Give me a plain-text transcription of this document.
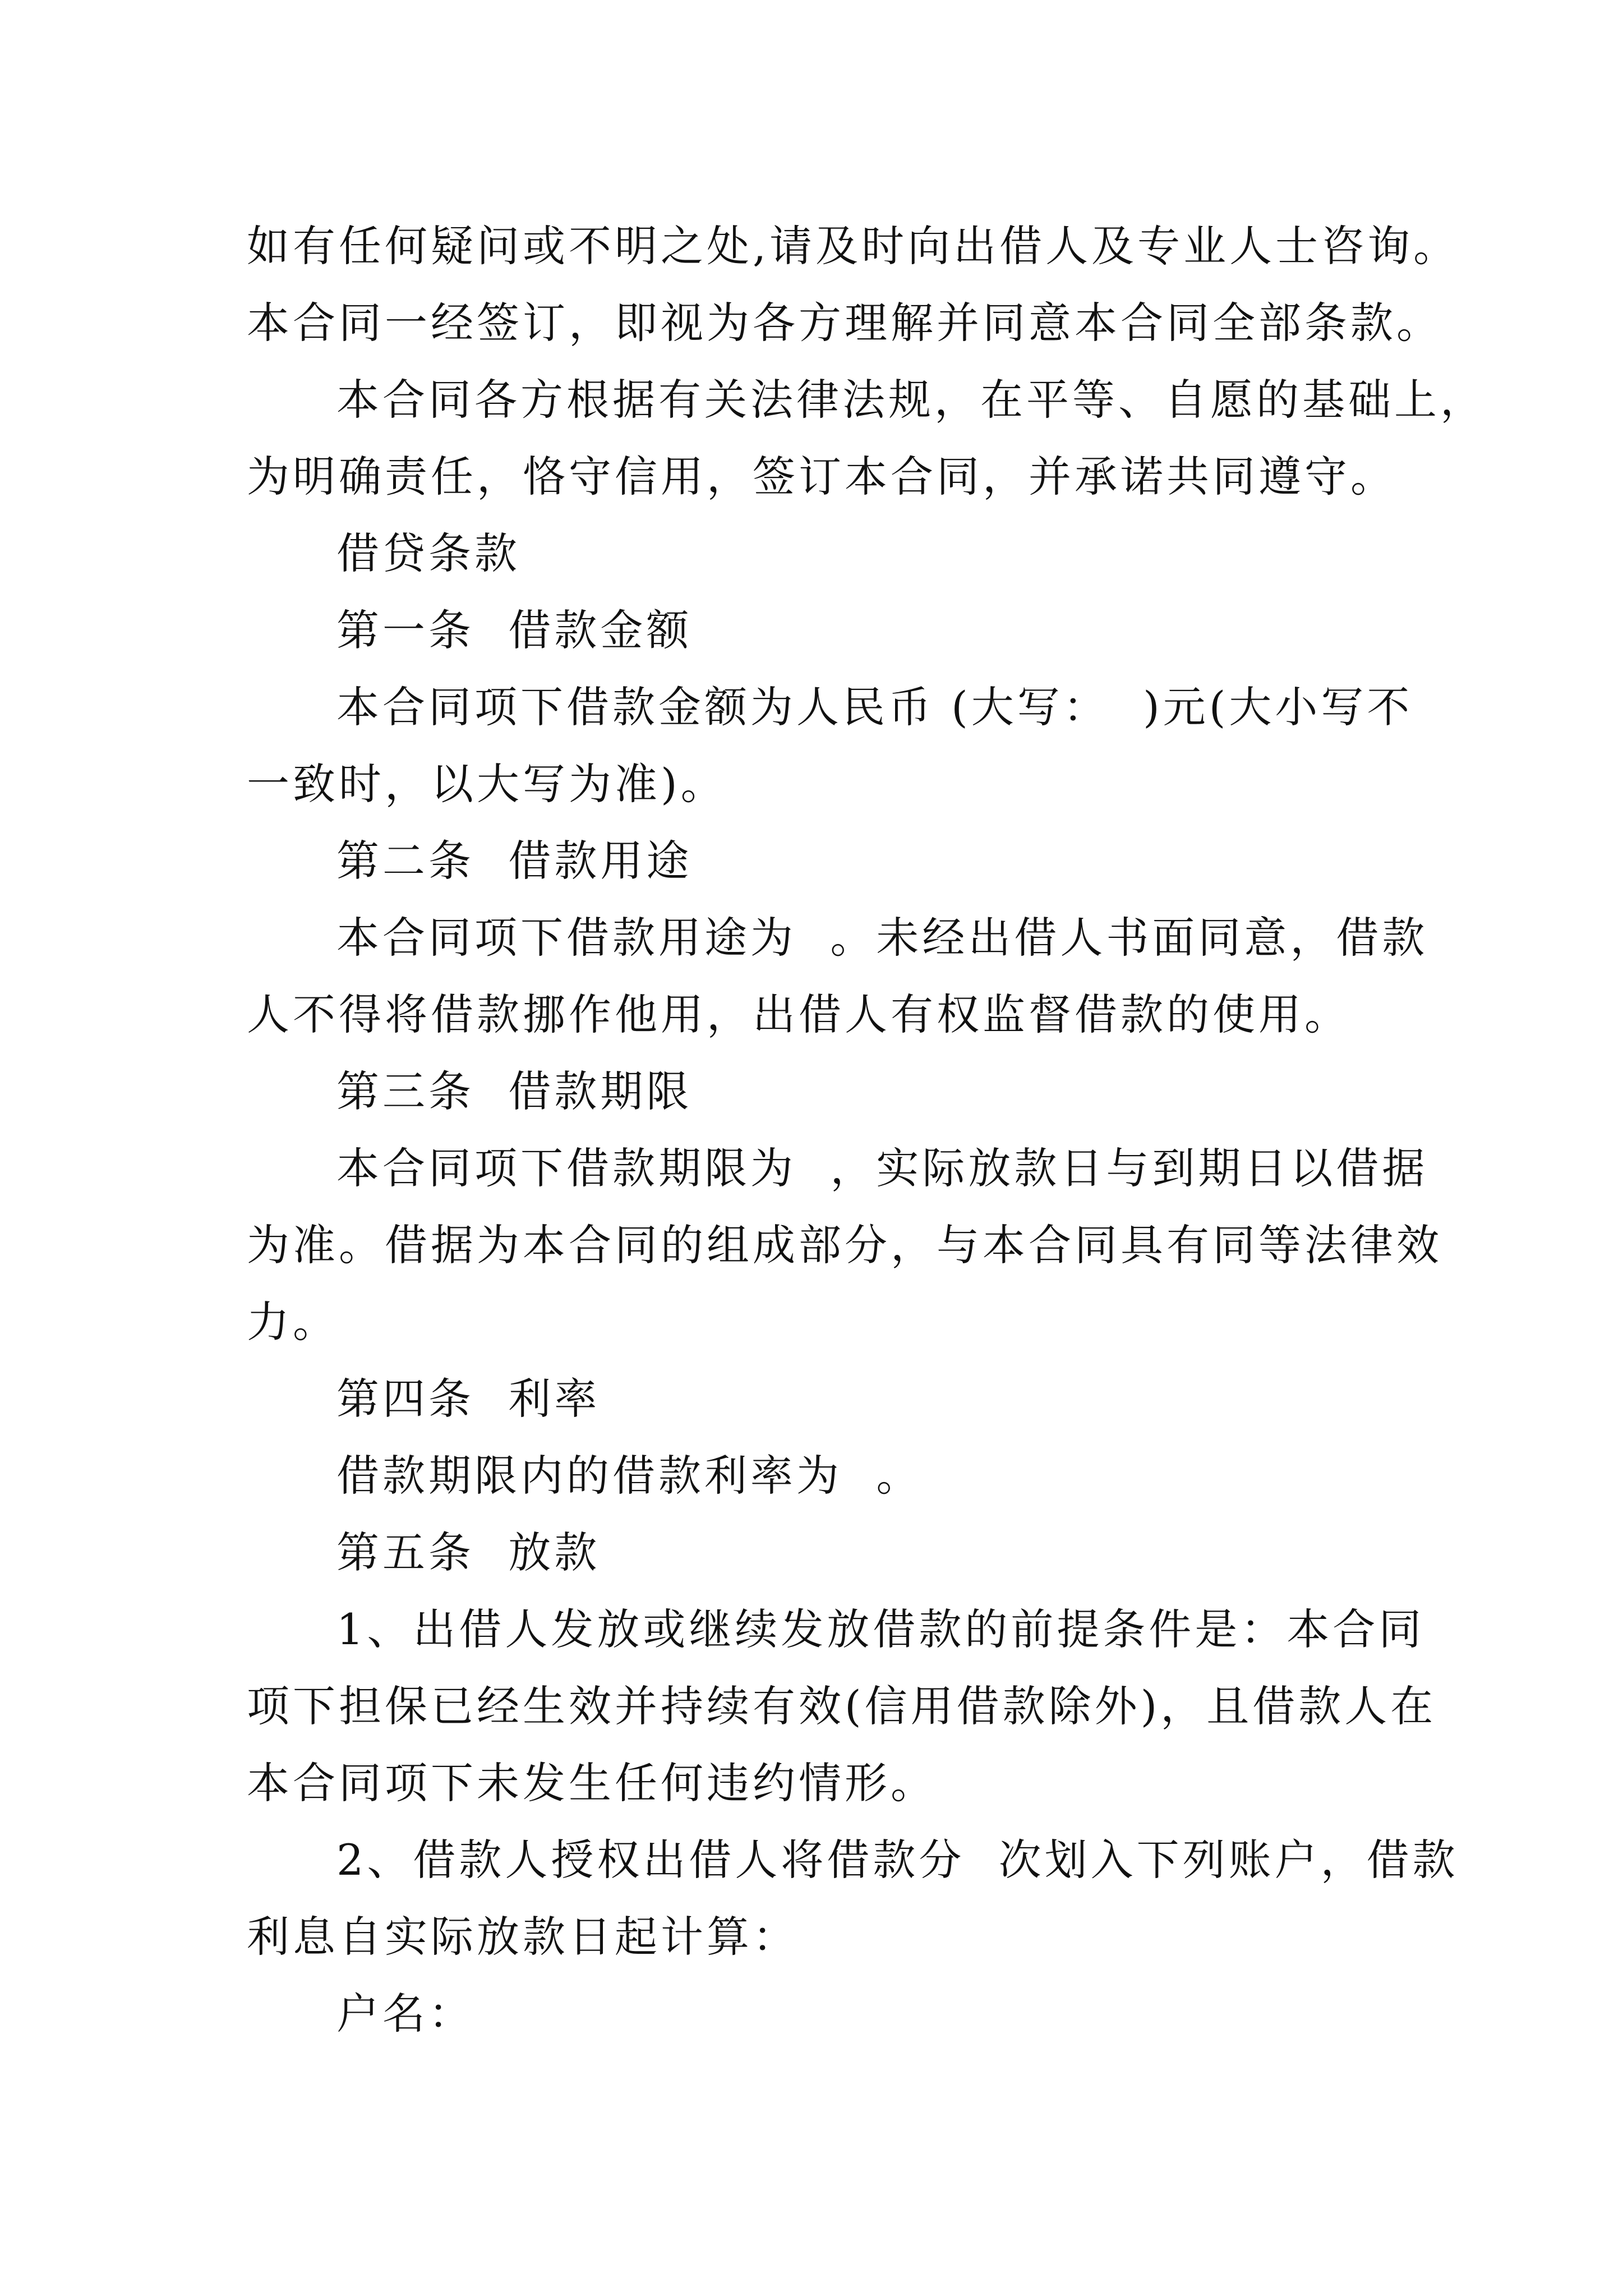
如有任何疑问或不明之处,请及时向出借人及专业人士咨询。

本合同一经签订，即视为各方理解并同意本合同全部条款。

本合同各方根据有关法律法规，在平等、自愿的基础上，

为明确责任，恪守信用，签订本合同，并承诺共同遵守。

借贷条款

第一条  借款金额

本合同项下借款金额为人民币 (大写：  )元(大小写不

一致时，以大写为准)。

第二条  借款用途

本合同项下借款用途为  。未经出借人书面同意，借款

人不得将借款挪作他用，出借人有权监督借款的使用。

第三条  借款期限

本合同项下借款期限为  ，实际放款日与到期日以借据

为准。借据为本合同的组成部分，与本合同具有同等法律效

力。

第四条  利率

借款期限内的借款利率为  。

第五条  放款

1、出借人发放或继续发放借款的前提条件是：本合同

项下担保已经生效并持续有效(信用借款除外)，且借款人在

本合同项下未发生任何违约情形。

2、借款人授权出借人将借款分  次划入下列账户，借款

利息自实际放款日起计算：

户名：
